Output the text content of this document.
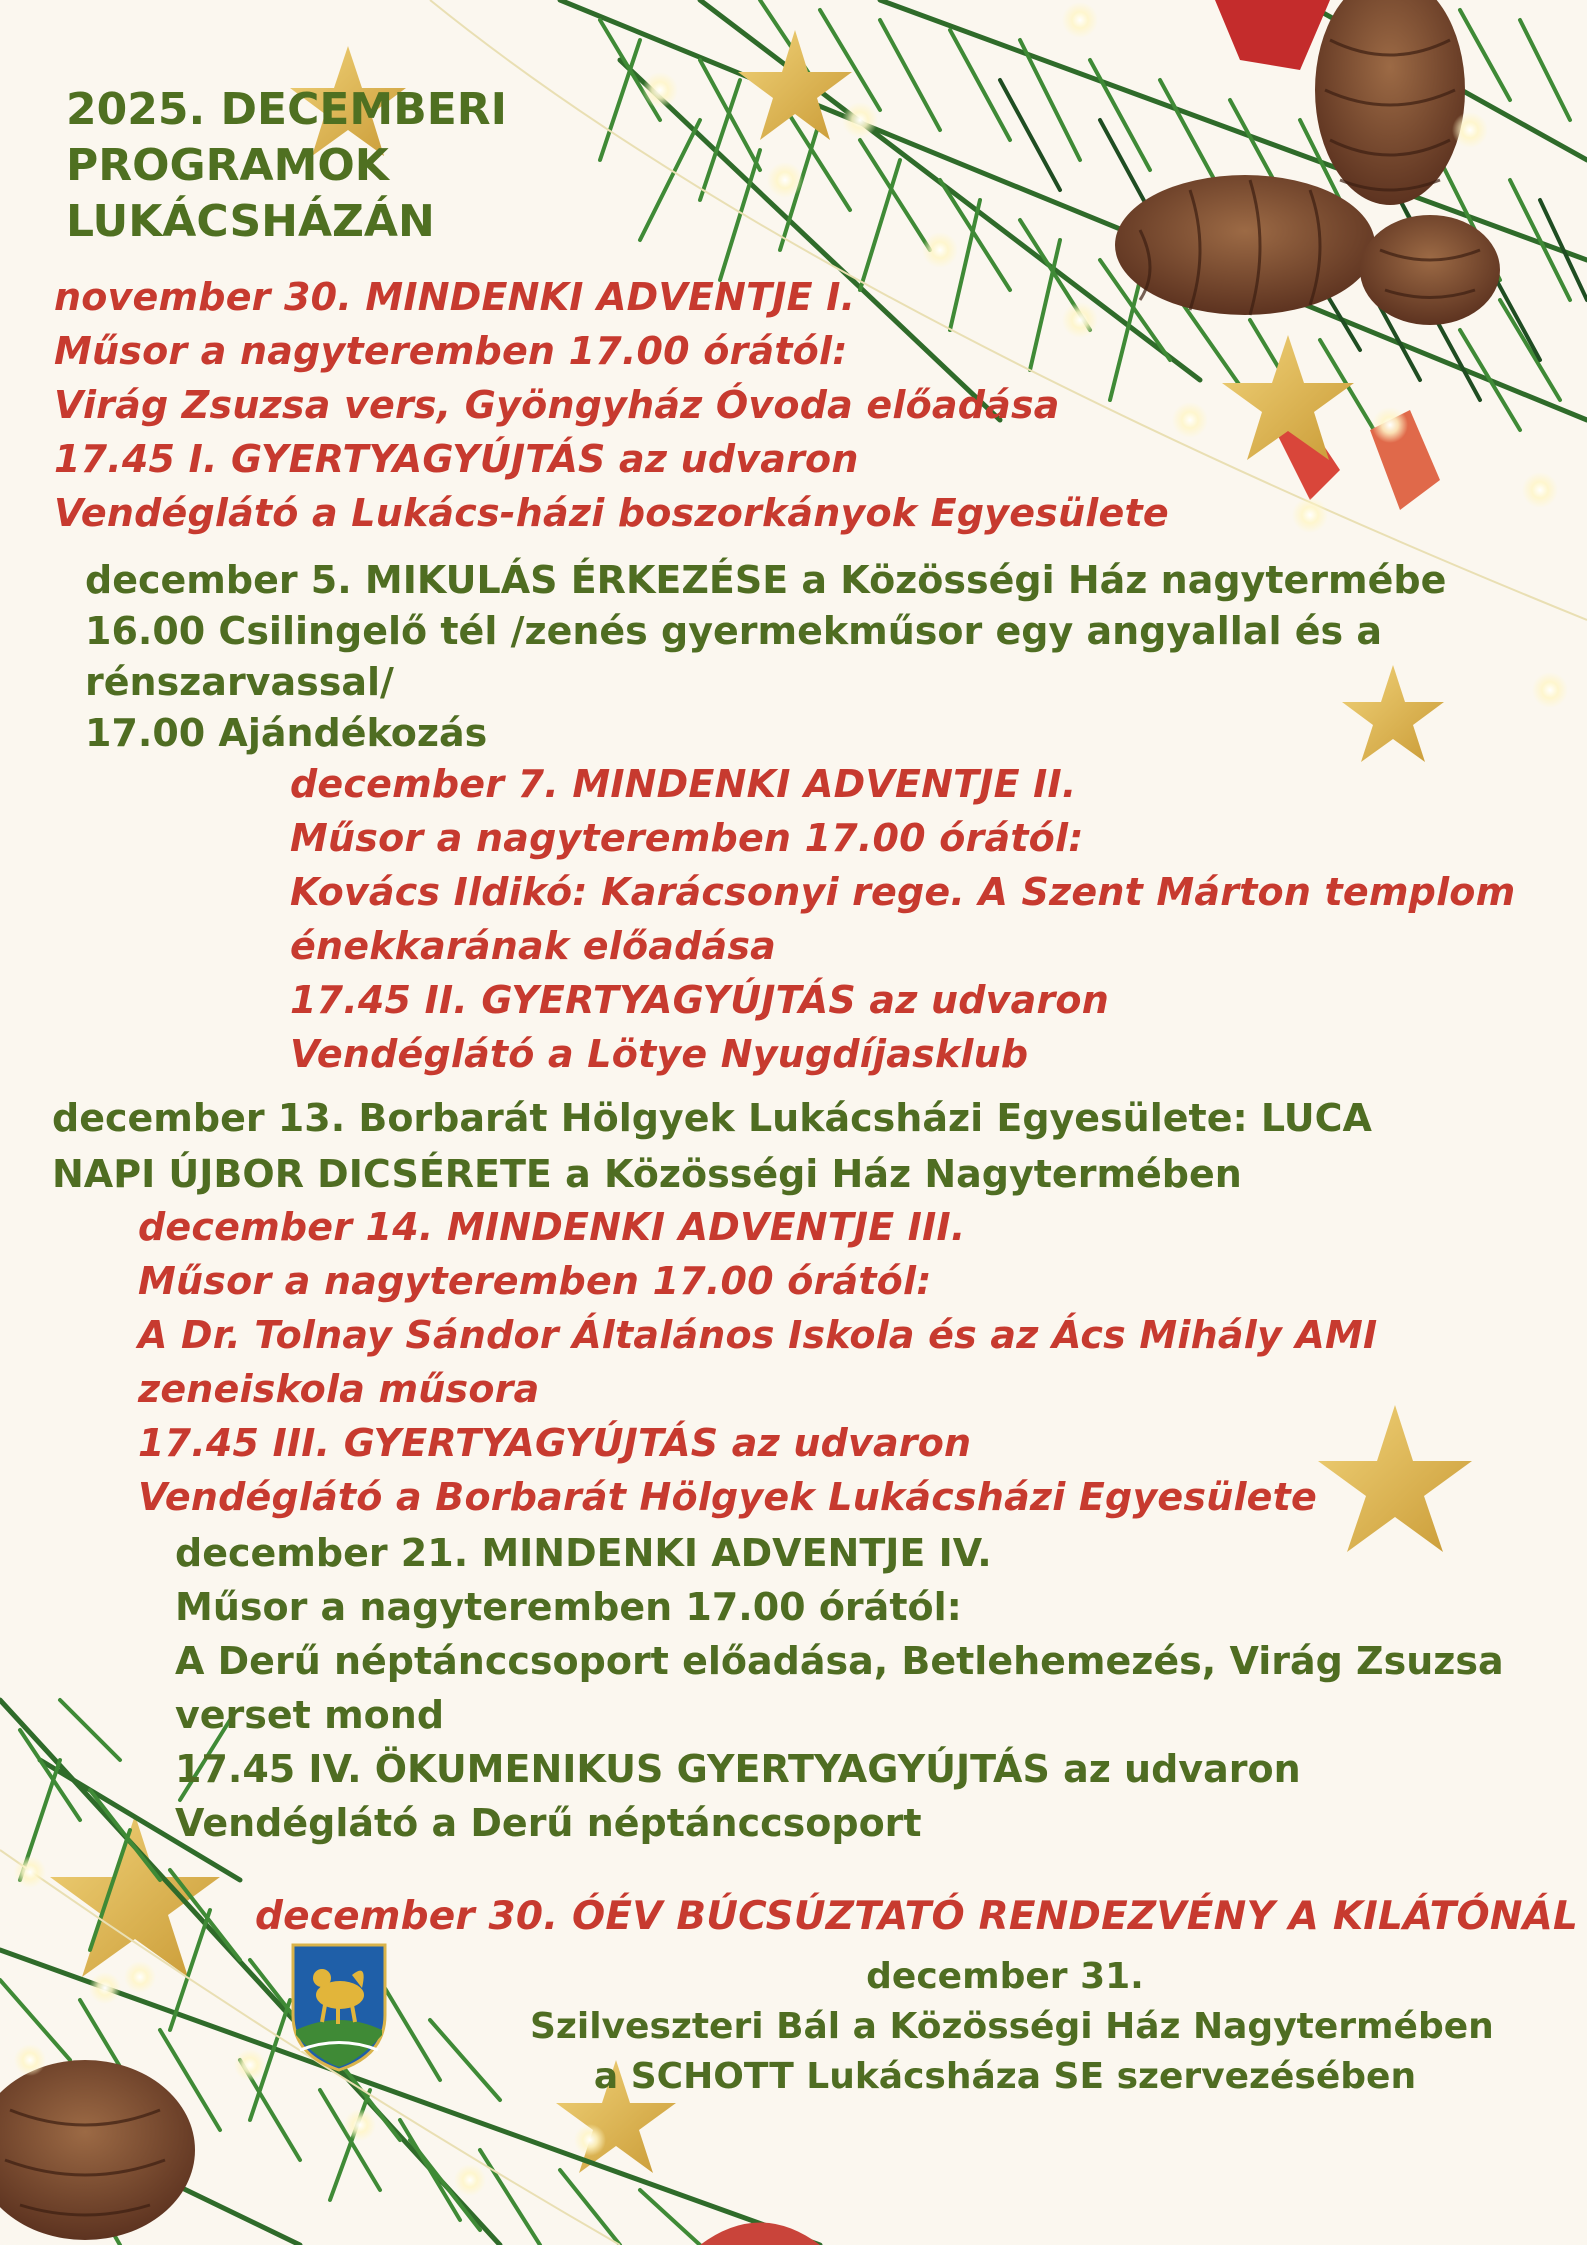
2025. DECEMBERI
PROGRAMOK
LUKÁCSHÁZÁN
november 30. MINDENKI ADVENTJE I.
Műsor a nagyteremben 17.00 órától:
Virág Zsuzsa vers, Gyöngyház Óvoda előadása
17.45 I. GYERTYAGYÚJTÁS az udvaron
Vendéglátó a Lukács-házi boszorkányok Egyesülete
december 5. MIKULÁS ÉRKEZÉSE a Közösségi Ház nagytermébe
16.00 Csilingelő tél /zenés gyermekműsor egy angyallal és a
rénszarvassal/
17.00 Ajándékozás
december 7. MINDENKI ADVENTJE II.
Műsor a nagyteremben 17.00 órától:
Kovács Ildikó: Karácsonyi rege. A Szent Márton templom
énekkarának előadása
17.45 II. GYERTYAGYÚJTÁS az udvaron
Vendéglátó a Lötye Nyugdíjasklub
december 13. Borbarát Hölgyek Lukácsházi Egyesülete: LUCA
NAPI ÚJBOR DICSÉRETE a Közösségi Ház Nagytermében
december 14. MINDENKI ADVENTJE III.
Műsor a nagyteremben 17.00 órától:
A Dr. Tolnay Sándor Általános Iskola és az Ács Mihály AMI
zeneiskola műsora
17.45 III. GYERTYAGYÚJTÁS az udvaron
Vendéglátó a Borbarát Hölgyek Lukácsházi Egyesülete
december 21. MINDENKI ADVENTJE IV.
Műsor a nagyteremben 17.00 órától:
A Derű néptánccsoport előadása, Betlehemezés, Virág Zsuzsa
verset mond
17.45 IV. ÖKUMENIKUS GYERTYAGYÚJTÁS az udvaron
Vendéglátó a Derű néptánccsoport
december 30. ÓÉV BÚCSÚZTATÓ RENDEZVÉNY A KILÁTÓNÁL
december 31.
Szilveszteri Bál a Közösségi Ház Nagytermében
a SCHOTT Lukácsháza SE szervezésében
